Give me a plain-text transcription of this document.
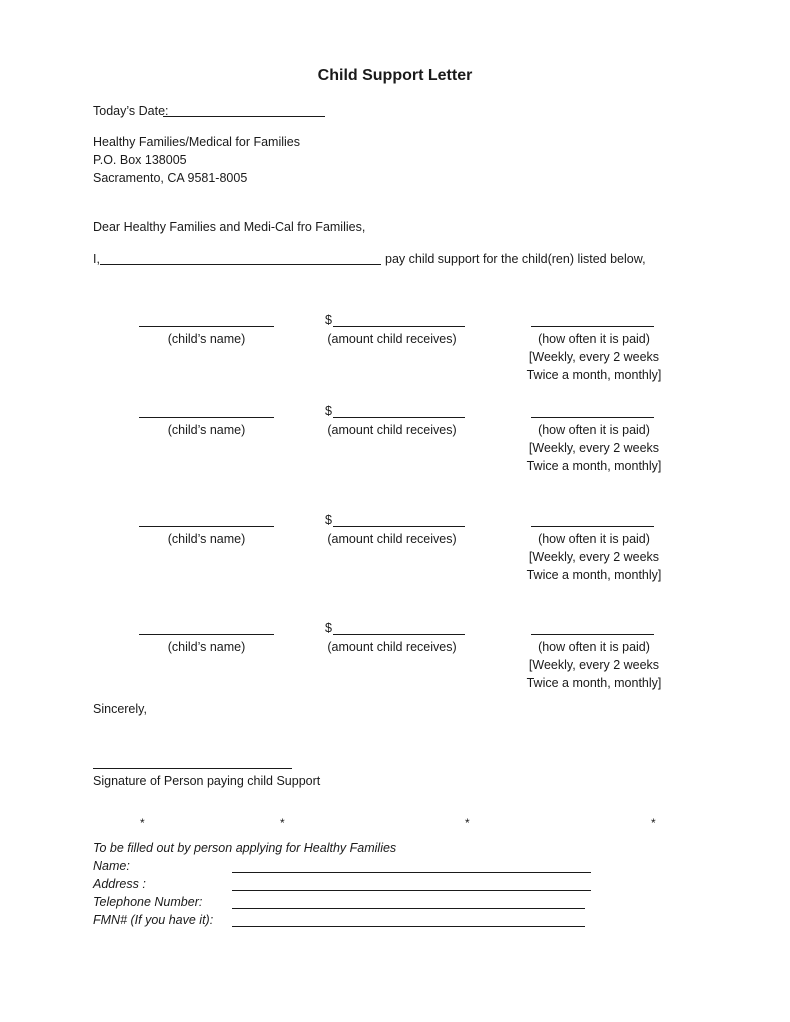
Child Support Letter
Today’s Date:
Healthy Families/Medical for Families
P.O. Box 138005
Sacramento, CA 9581-8005
Dear Healthy Families and Medi-Cal fro Families,
I,	pay child support for the child(ren) listed below,
$
(child’s name)	(amount child receives)	(how often it is paid)
[Weekly, every 2 weeks
Twice a month, monthly]
$
(child’s name)	(amount child receives)	(how often it is paid)
[Weekly, every 2 weeks
Twice a month, monthly]
$
(child’s name)	(amount child receives)	(how often it is paid)
[Weekly, every 2 weeks
Twice a month, monthly]
$
(child’s name)	(amount child receives)	(how often it is paid)
[Weekly, every 2 weeks
Twice a month, monthly]
Sincerely,
Signature of Person paying child Support
*	*	*	*
To be filled out by person applying for Healthy Families
Name:
Address :
Telephone Number:
FMN# (If you have it):
